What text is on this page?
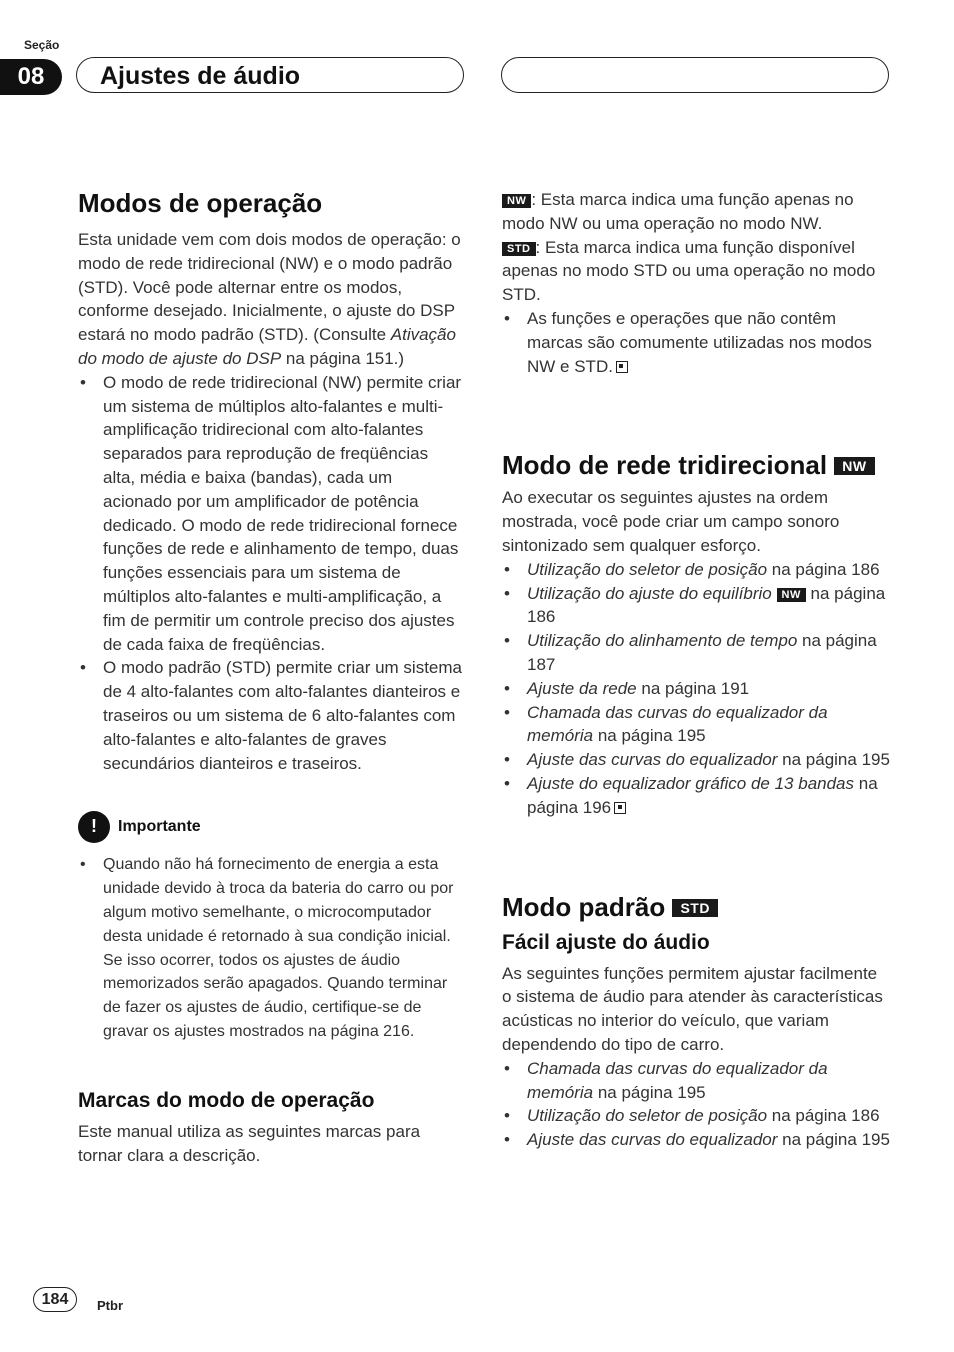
Seção
08	Ajustes de áudio
Modos de operação

Esta unidade vem com dois modos de operação: o modo de rede tridirecional (NW) e o modo padrão (STD). Você pode alternar entre os modos, conforme desejado. Inicialmente, o ajuste do DSP estará no modo padrão (STD). (Consulte Ativação do modo de ajuste do DSP na página 151.)

• O modo de rede tridirecional (NW) permite criar um sistema de múltiplos alto-falantes e multi-amplificação tridirecional com alto-falantes separados para reprodução de freqüências alta, média e baixa (bandas), cada um acionado por um amplificador de potência dedicado. O modo de rede tridirecional fornece funções de rede e alinhamento de tempo, duas funções essenciais para um sistema de múltiplos alto-falantes e multi-amplificação, a fim de permitir um controle preciso dos ajustes de cada faixa de freqüências.
• O modo padrão (STD) permite criar um sistema de 4 alto-falantes com alto-falantes dianteiros e traseiros ou um sistema de 6 alto-falantes com alto-falantes e alto-falantes de graves secundários dianteiros e traseiros.
!	Importante
• Quando não há fornecimento de energia a esta unidade devido à troca da bateria do carro ou por algum motivo semelhante, o microcomputador desta unidade é retornado à sua condição inicial. Se isso ocorrer, todos os ajustes de áudio memorizados serão apagados. Quando terminar de fazer os ajustes de áudio, certifique-se de gravar os ajustes mostrados na página 216.
Marcas do modo de operação

Este manual utiliza as seguintes marcas para tornar clara a descrição.

NW : Esta marca indica uma função apenas no modo NW ou uma operação no modo NW.

STD : Esta marca indica uma função disponível apenas no modo STD ou uma operação no modo STD.

• As funções e operações que não contêm marcas são comumente utilizadas nos modos NW e STD.
Modo de rede tridirecional NW

Ao executar os seguintes ajustes na ordem mostrada, você pode criar um campo sonoro sintonizado sem qualquer esforço.

• Utilização do seletor de posição na página 186
• Utilização do ajuste do equilíbrio NW na página 186
• Utilização do alinhamento de tempo na página 187
• Ajuste da rede na página 191
• Chamada das curvas do equalizador da memória na página 195
• Ajuste das curvas do equalizador na página 195
• Ajuste do equalizador gráfico de 13 bandas na página 196
Modo padrão STD
Fácil ajuste do áudio

As seguintes funções permitem ajustar facilmente o sistema de áudio para atender às características acústicas no interior do veículo, que variam dependendo do tipo de carro.

• Chamada das curvas do equalizador da memória na página 195
• Utilização do seletor de posição na página 186
• Ajuste das curvas do equalizador na página 195
184	Ptbr
